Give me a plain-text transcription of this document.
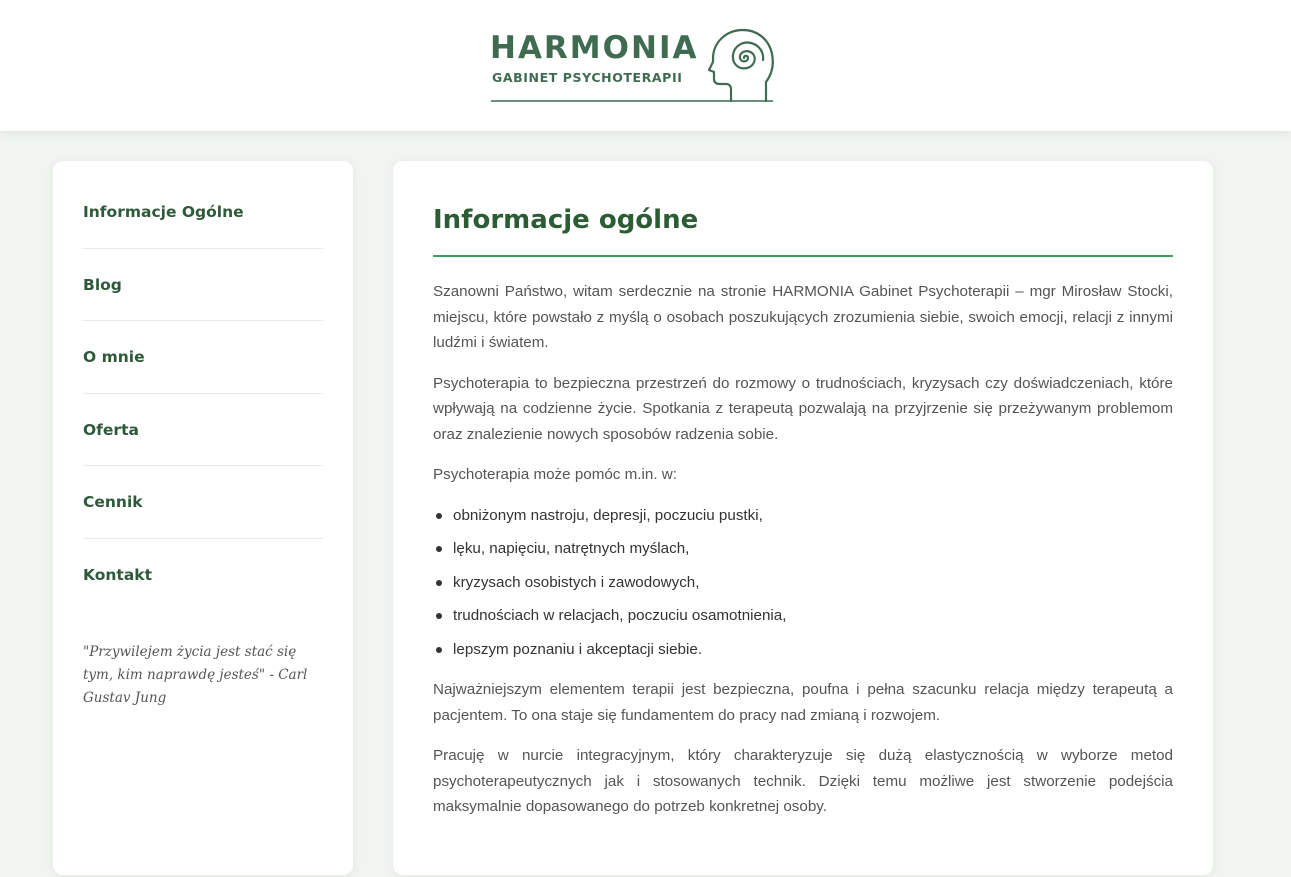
HARMONIA
GABINET PSYCHOTERAPII
Informacje Ogólne
Blog
O mnie
Oferta
Cennik
Kontakt
"Przywilejem życia jest stać się tym, kim naprawdę jesteś" - Carl Gustav Jung
Informacje ogólne

Szanowni Państwo, witam serdecznie na stronie HARMONIA Gabinet Psychoterapii – mgr Mirosław Stocki, miejscu, które powstało z myślą o osobach poszukujących zrozumienia siebie, swoich emocji, relacji z innymi ludźmi i światem.

Psychoterapia to bezpieczna przestrzeń do rozmowy o trudnościach, kryzysach czy doświadczeniach, które wpływają na codzienne życie. Spotkania z terapeutą pozwalają na przyjrzenie się przeżywanym problemom oraz znalezienie nowych sposobów radzenia sobie.

Psychoterapia może pomóc m.in. w:

obniżonym nastroju, depresji, poczuciu pustki,
lęku, napięciu, natrętnych myślach,
kryzysach osobistych i zawodowych,
trudnościach w relacjach, poczuciu osamotnienia,
lepszym poznaniu i akceptacji siebie.

Najważniejszym elementem terapii jest bezpieczna, poufna i pełna szacunku relacja między terapeutą a pacjentem. To ona staje się fundamentem do pracy nad zmianą i rozwojem.

Pracuję w nurcie integracyjnym, który charakteryzuje się dużą elastycznością w wyborze metod psychoterapeutycznych jak i stosowanych technik. Dzięki temu możliwe jest stworzenie podejścia maksymalnie dopasowanego do potrzeb konkretnej osoby.
